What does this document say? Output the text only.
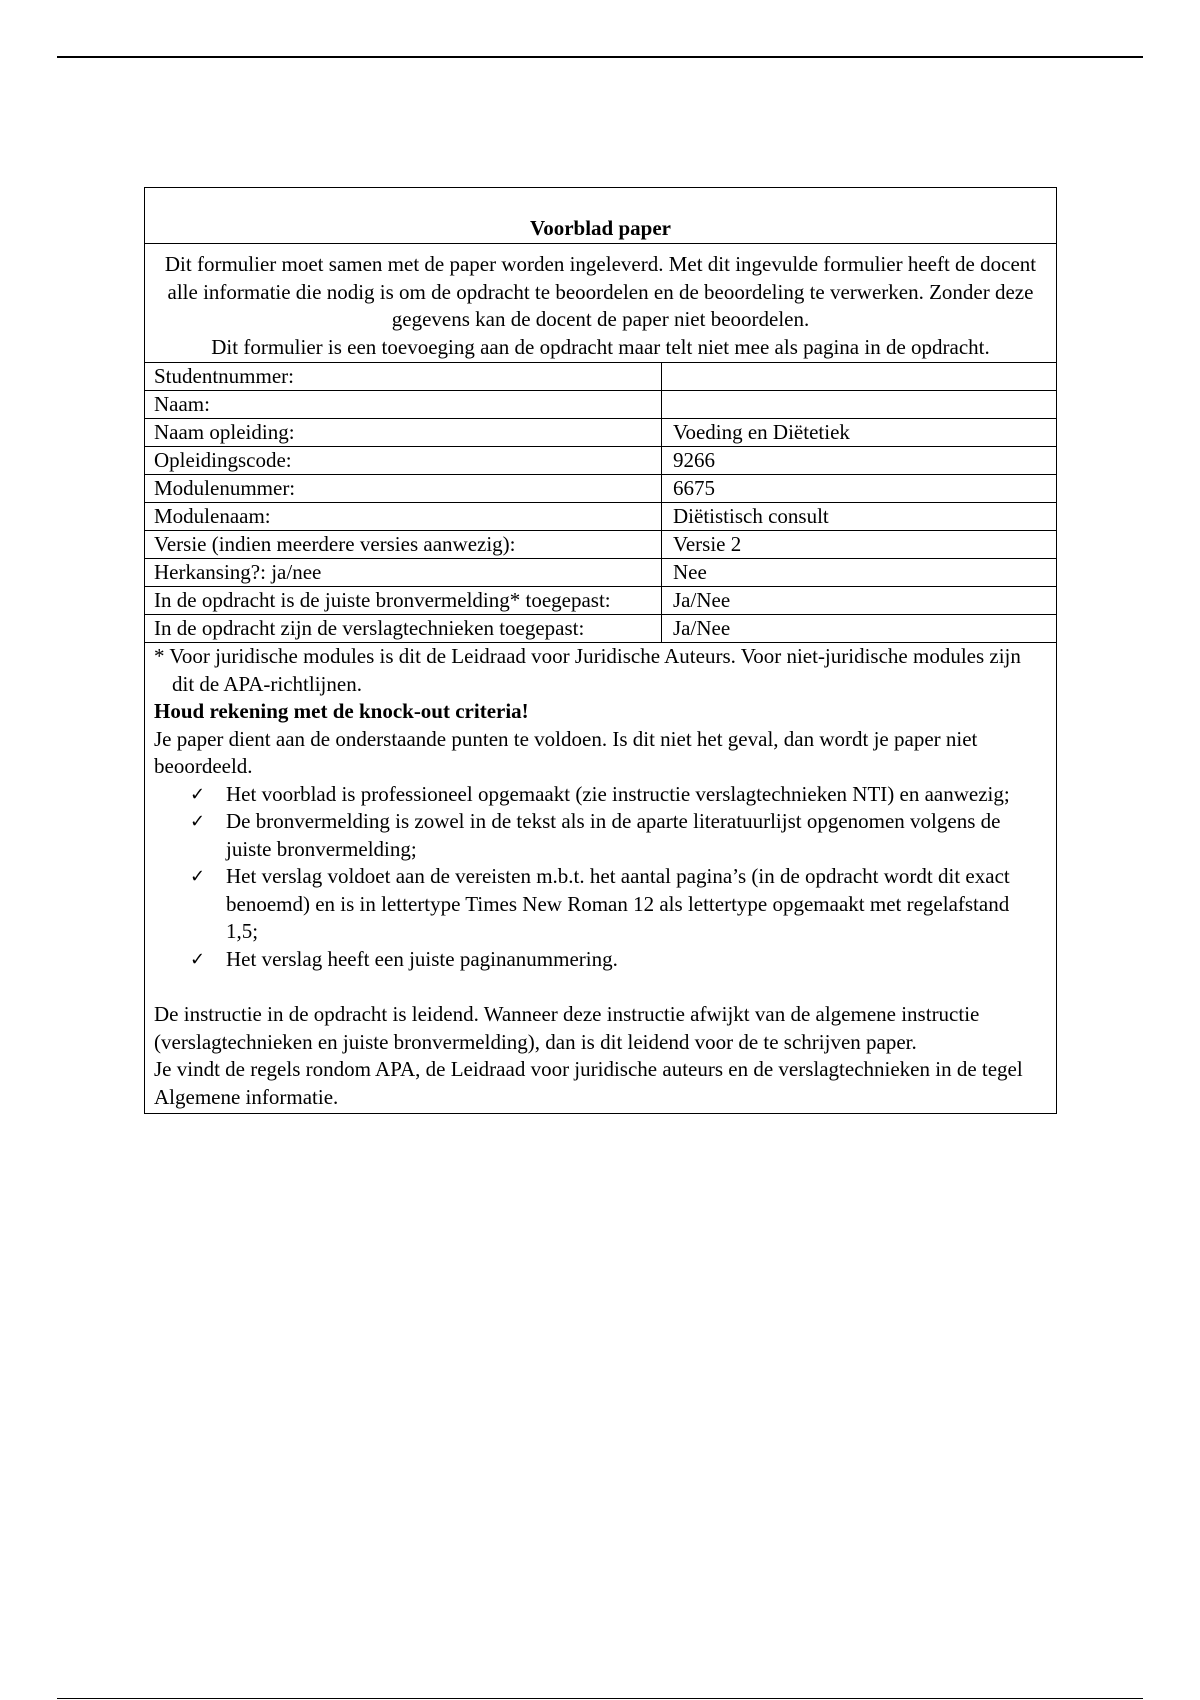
Voorblad paper

Dit formulier moet samen met de paper worden ingeleverd. Met dit ingevulde formulier heeft de docent alle informatie die nodig is om de opdracht te beoordelen en de beoordeling te verwerken. Zonder deze gegevens kan de docent de paper niet beoordelen.

Dit formulier is een toevoeging aan de opdracht maar telt niet mee als pagina in de opdracht.

Studentnummer:	
Naam:	
Naam opleiding:	Voeding en Diëtetiek
Opleidingscode:	9266
Modulenummer:	6675
Modulenaam:	Diëtistisch consult
Versie (indien meerdere versies aanwezig):	Versie 2
Herkansing?: ja/nee	Nee
In de opdracht is de juiste bronvermelding* toegepast:	Ja/Nee
In de opdracht zijn de verslagtechnieken toegepast:	Ja/Nee

* Voor juridische modules is dit de Leidraad voor Juridische Auteurs. Voor niet-juridische modules zijn dit de APA-richtlijnen.

Houd rekening met de knock-out criteria!

Je paper dient aan de onderstaande punten te voldoen. Is dit niet het geval, dan wordt je paper niet beoordeeld.

✓ Het voorblad is professioneel opgemaakt (zie instructie verslagtechnieken NTI) en aanwezig;
✓ De bronvermelding is zowel in de tekst als in de aparte literatuurlijst opgenomen volgens de juiste bronvermelding;
✓ Het verslag voldoet aan de vereisten m.b.t. het aantal pagina’s (in de opdracht wordt dit exact benoemd) en is in lettertype Times New Roman 12 als lettertype opgemaakt met regelafstand 1,5;
✓ Het verslag heeft een juiste paginanummering.

De instructie in de opdracht is leidend. Wanneer deze instructie afwijkt van de algemene instructie (verslagtechnieken en juiste bronvermelding), dan is dit leidend voor de te schrijven paper.

Je vindt de regels rondom APA, de Leidraad voor juridische auteurs en de verslagtechnieken in de tegel Algemene informatie.
